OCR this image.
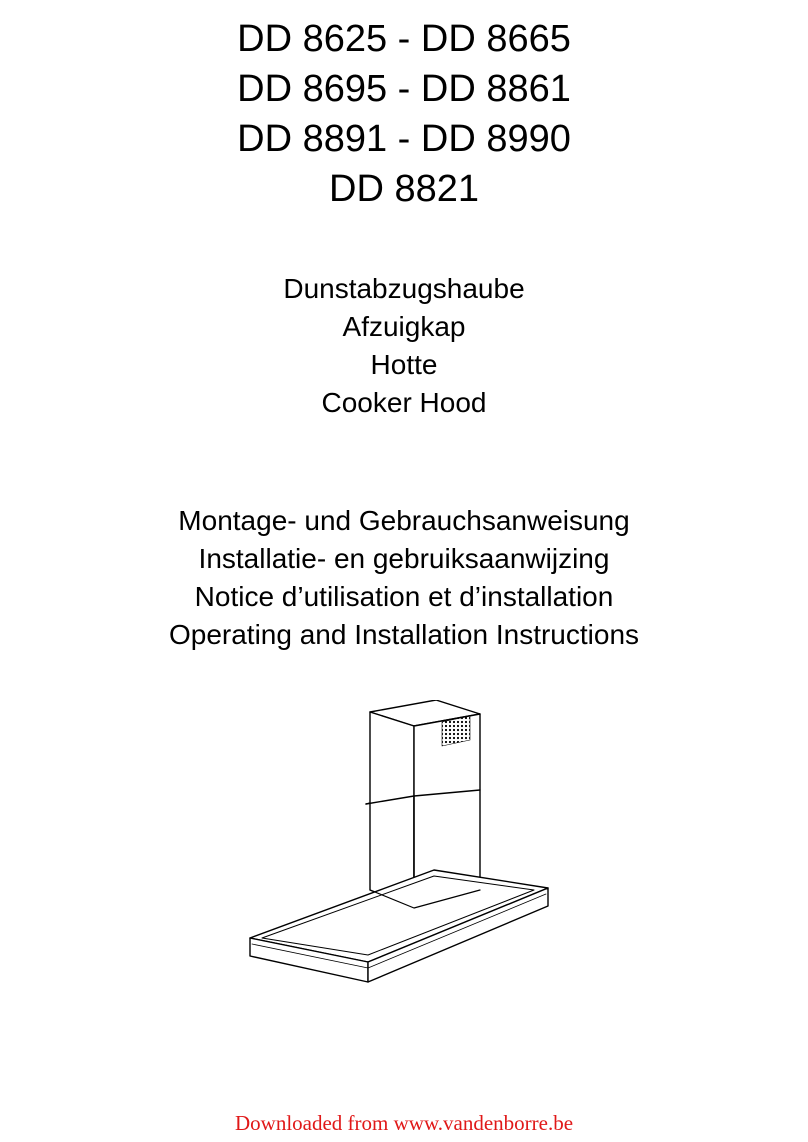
DD 8625 - DD 8665
DD 8695 - DD 8861
DD 8891 - DD 8990
DD 8821
Dunstabzugshaube
Afzuigkap
Hotte
Cooker Hood
Montage- und Gebrauchsanweisung
Installatie- en gebruiksaanwijzing
Notice d’utilisation et d’installation
Operating and Installation Instructions
Downloaded from www.vandenborre.be
